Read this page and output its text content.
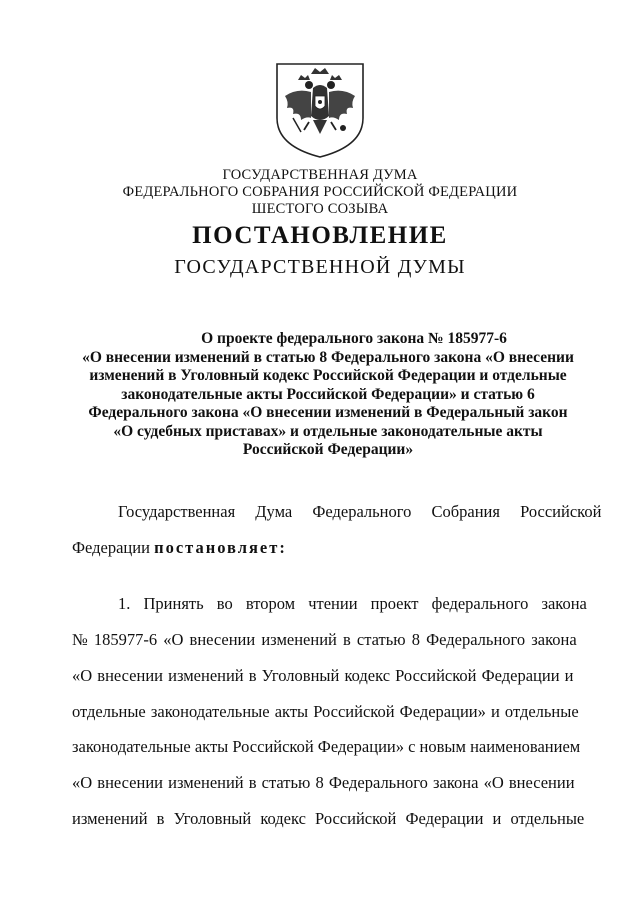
ГОСУДАРСТВЕННАЯ ДУМА
ФЕДЕРАЛЬНОГО СОБРАНИЯ РОССИЙСКОЙ ФЕДЕРАЦИИ
ШЕСТОГО СОЗЫВА
ПОСТАНОВЛЕНИЕ
ГОСУДАРСТВЕННОЙ ДУМЫ
О проекте федерального закона № 185977-6
«О внесении изменений в статью 8 Федерального закона «О внесении
изменений в Уголовный кодекс Российской Федерации и отдельные
законодательные акты Российской Федерации» и статью 6
Федерального закона «О внесении изменений в Федеральный закон
«О судебных приставах» и отдельные законодательные акты
Российской Федерации»
Государственная Дума Федерального Собрания Российской
Федерации постановляет:
1. Принять во втором чтении проект федерального закона
№ 185977-6 «О внесении изменений в статью 8 Федерального закона
«О внесении изменений в Уголовный кодекс Российской Федерации и
отдельные законодательные акты Российской Федерации» и отдельные
законодательные акты Российской Федерации» с новым наименованием
«О внесении изменений в статью 8 Федерального закона «О внесении
изменений в Уголовный кодекс Российской Федерации и отдельные
